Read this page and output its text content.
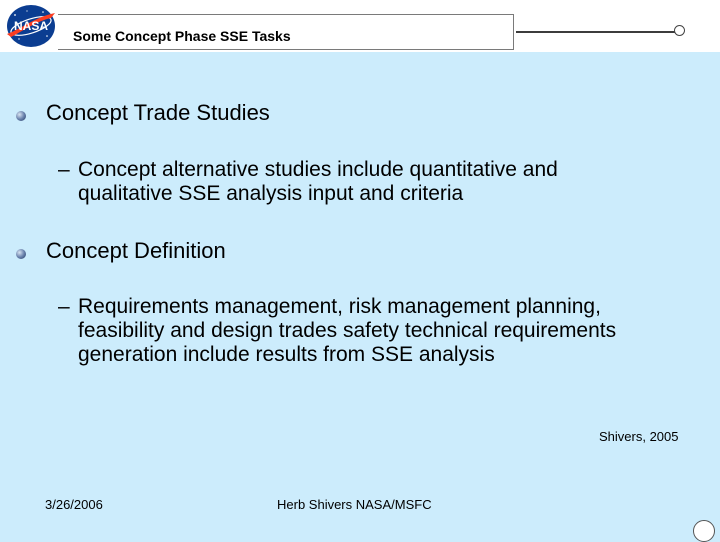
NASA
Some Concept Phase SSE Tasks
Concept Trade Studies
– Concept alternative studies include quantitative and
qualitative SSE analysis input and criteria
Concept Definition
– Requirements management, risk management planning,
feasibility and design trades safety technical requirements
generation include results from SSE analysis
Shivers, 2005
3/26/2006	Herb Shivers NASA/MSFC
